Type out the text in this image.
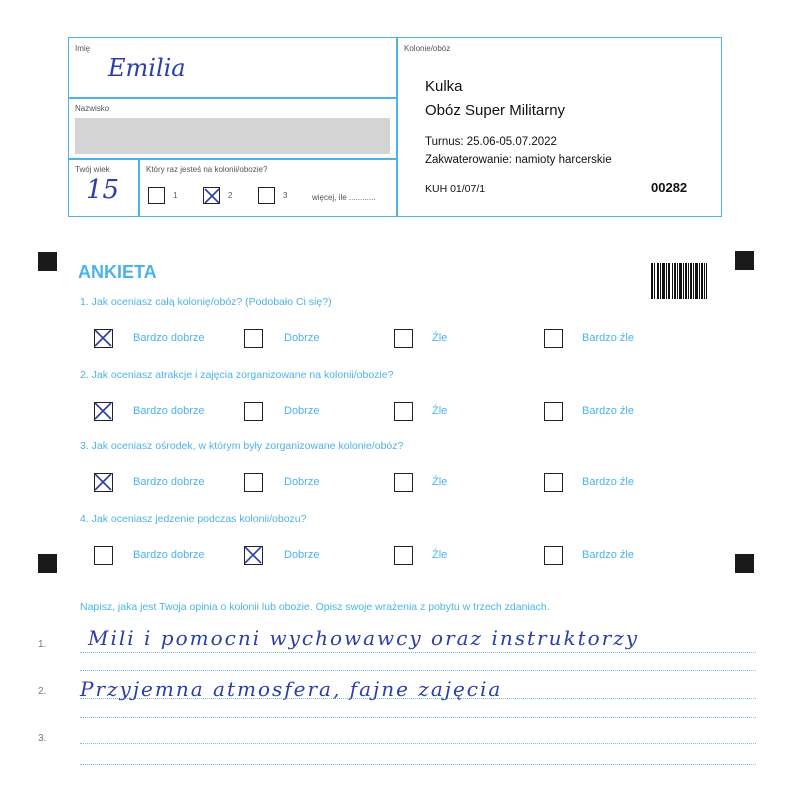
Imię
Emilia
Nazwisko
Twój wiek
15
Który raz jesteś na kolonii/obozie?
1	2	3	więcej, ile ............
Kolonie/obóz
Kulka
Obóz Super Militarny
Turnus: 25.06-05.07.2022
Zakwaterowanie: namioty harcerskie
KUH 01/07/1	00282
ANKIETA
1. Jak oceniasz całą kolonię/obóz? (Podobało Ci się?)
Bardzo dobrze	Dobrze	Źle	Bardzo źle
2. Jak oceniasz atrakcje i zajęcia zorganizowane na kolonii/obozie?
Bardzo dobrze	Dobrze	Źle	Bardzo źle
3. Jak oceniasz ośrodek, w którym były zorganizowane kolonie/obóz?
Bardzo dobrze	Dobrze	Źle	Bardzo źle
4. Jak oceniasz jedzenie podczas kolonii/obozu?
Bardzo dobrze	Dobrze	Źle	Bardzo źle
Napisz, jaka jest Twoja opinia o kolonii lub obozie. Opisz swoje wrażenia z pobytu w trzech zdaniach.
1.
2.
3.
Mili i pomocni wychowawcy oraz instruktorzy
Przyjemna atmosfera, fajne zajęcia
